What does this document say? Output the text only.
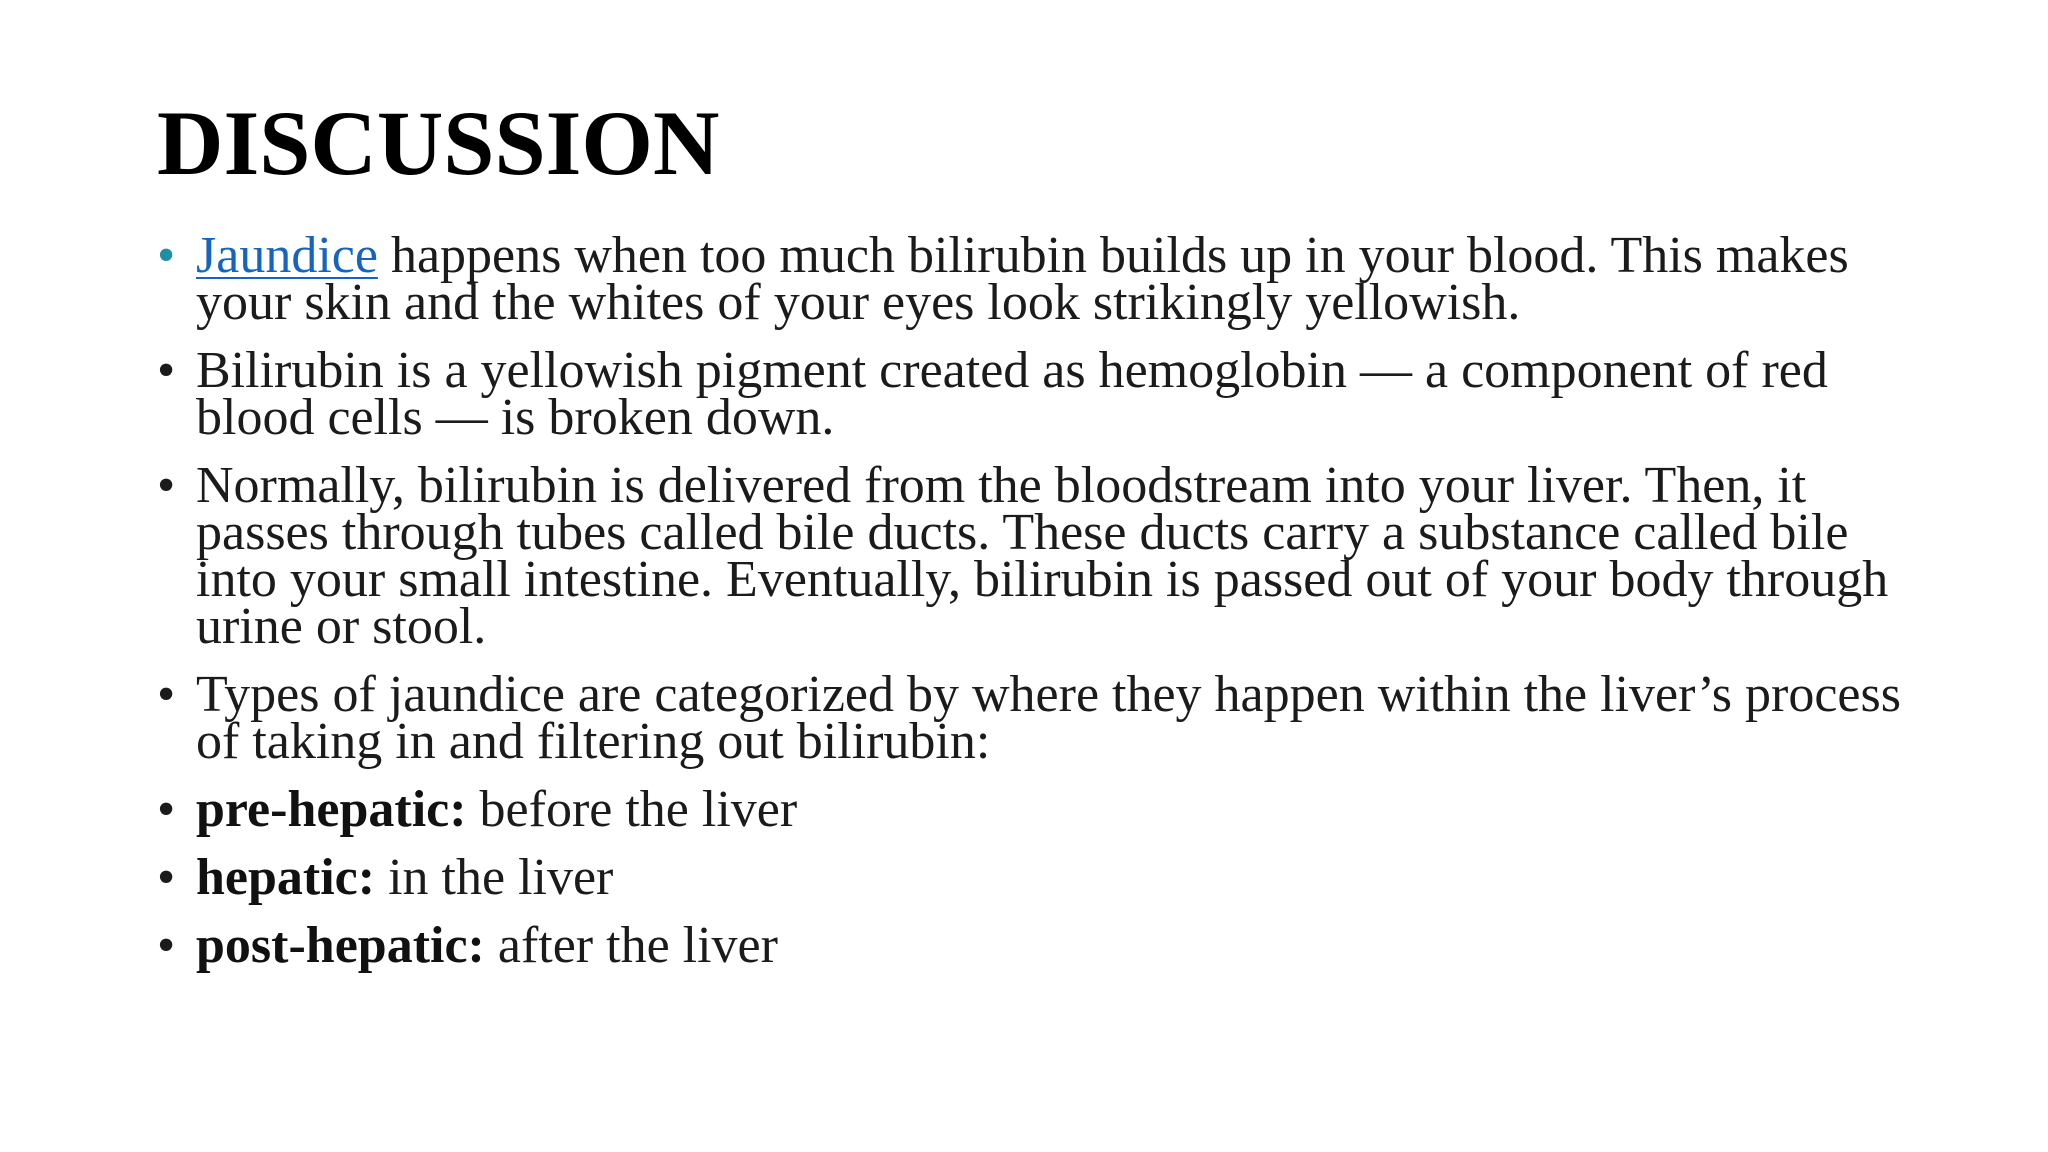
DISCUSSION
• Jaundice happens when too much bilirubin builds up in your blood. This makes your skin and the whites of your eyes look strikingly yellowish.
• Bilirubin is a yellowish pigment created as hemoglobin — a component of red blood cells — is broken down.
• Normally, bilirubin is delivered from the bloodstream into your liver. Then, it passes through tubes called bile ducts. These ducts carry a substance called bile into your small intestine. Eventually, bilirubin is passed out of your body through urine or stool.
• Types of jaundice are categorized by where they happen within the liver’s process of taking in and filtering out bilirubin:
• pre-hepatic: before the liver
• hepatic: in the liver
• post-hepatic: after the liver
